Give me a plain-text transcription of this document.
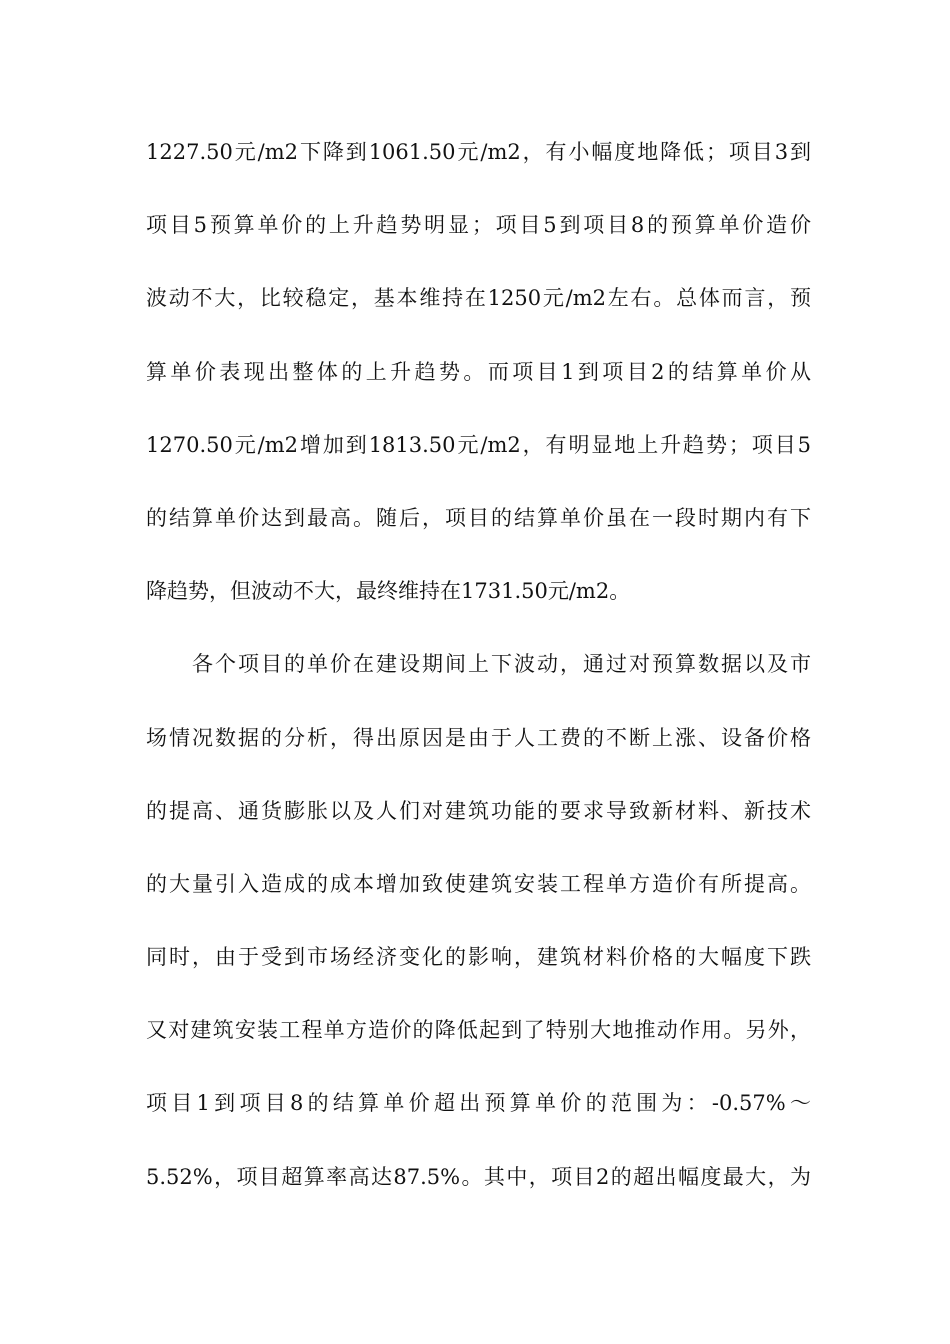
1227.50元/m2下降到1061.50元/m2，有小幅度地降低；项目3到
项目5预算单价的上升趋势明显；项目5到项目8的预算单价造价
波动不大，比较稳定，基本维持在1250元/m2左右。总体而言，预
算单价表现出整体的上升趋势。而项目1到项目2的结算单价从
1270.50元/m2增加到1813.50元/m2，有明显地上升趋势；项目5
的结算单价达到最高。随后，项目的结算单价虽在一段时期内有下
降趋势，但波动不大，最终维持在1731.50元/m2。
各个项目的单价在建设期间上下波动，通过对预算数据以及市
场情况数据的分析，得出原因是由于人工费的不断上涨、设备价格
的提高、通货膨胀以及人们对建筑功能的要求导致新材料、新技术
的大量引入造成的成本增加致使建筑安装工程单方造价有所提高。
同时，由于受到市场经济变化的影响，建筑材料价格的大幅度下跌
又对建筑安装工程单方造价的降低起到了特别大地推动作用。另外，
项目1到项目8的结算单价超出预算单价的范围为：-0.57%～
5.52%，项目超算率高达87.5%。其中，项目2的超出幅度最大，为
